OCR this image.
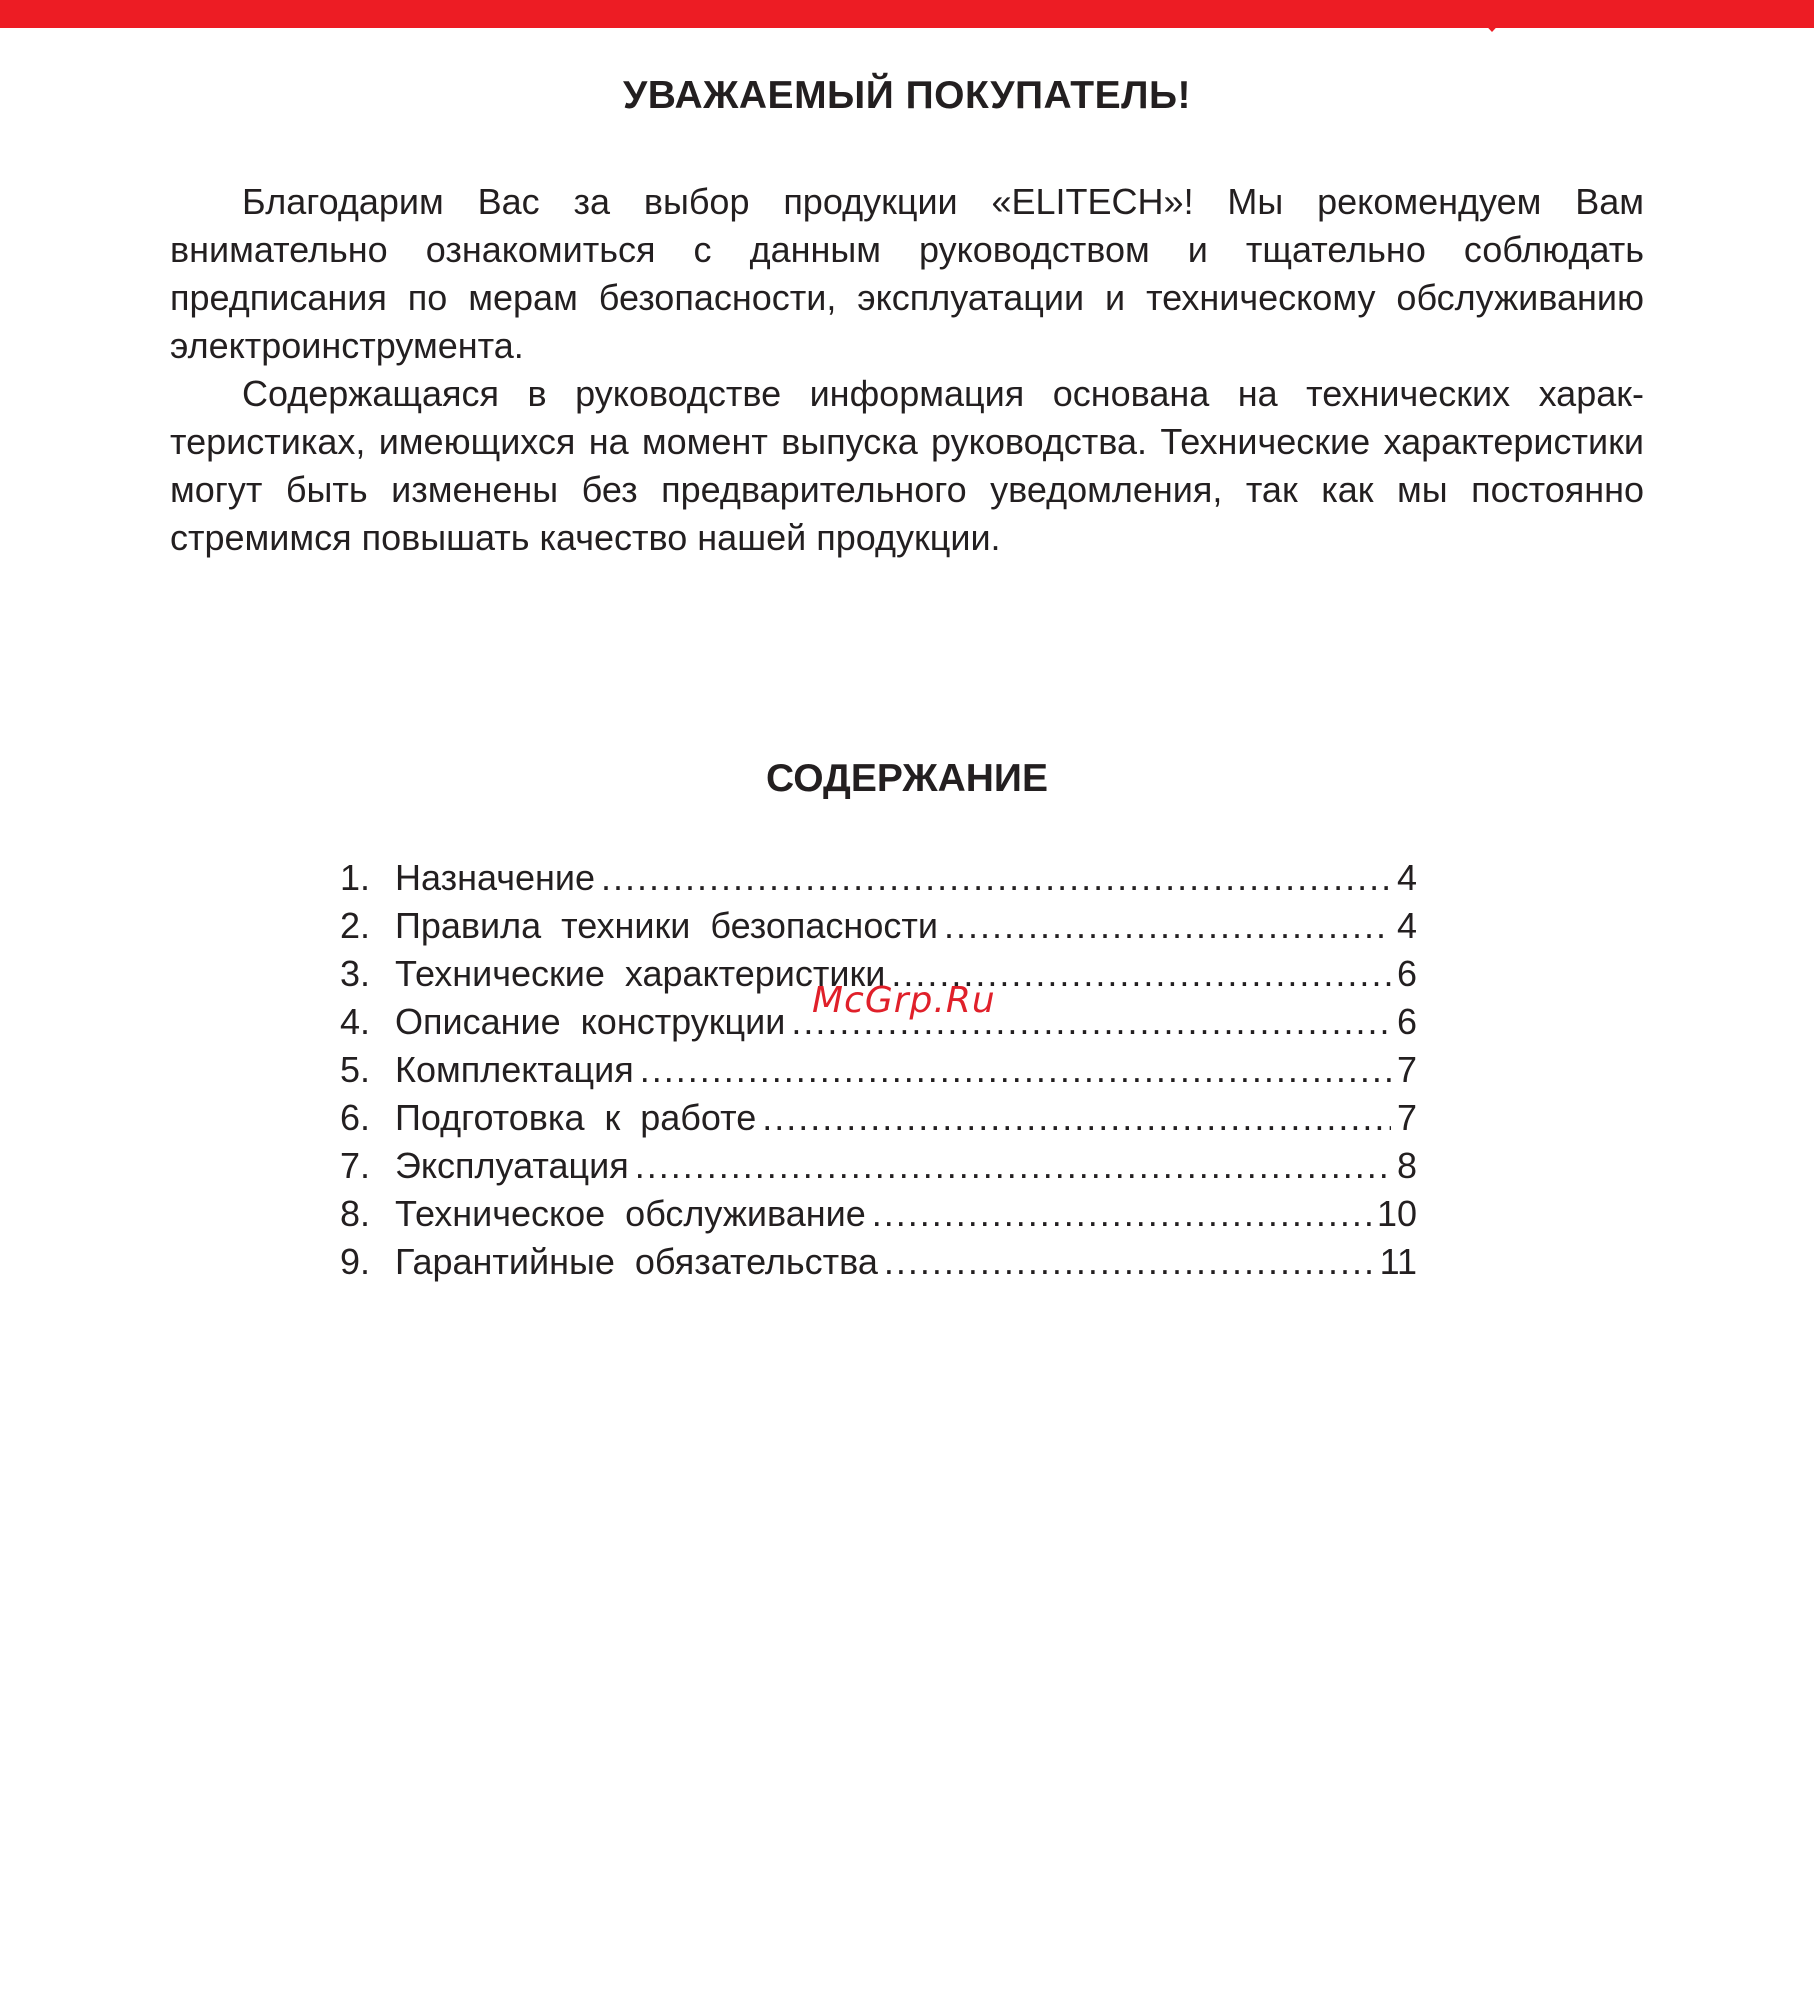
УВАЖАЕМЫЙ ПОКУПАТЕЛЬ!

Благодарим Вас за выбор продукции «ELITECH»! Мы рекомендуем Вам внимательно ознакомиться с данным руководством и тщательно соблюдать предписания по мерам безопасности, эксплуатации и техническому обслуживанию электроинструмента.

Содержащаяся в руководстве информация основана на технических характеристиках, имеющихся на момент выпуска руководства. Технические характеристики могут быть изменены без предварительного уведомления, так как мы постоянно стремимся повышать качество нашей продукции.

СОДЕРЖАНИЕ
1. Назначение .....	4
2. Правила техники безопасности .....	4
3. Технические характеристики .....	6
4. Описание конструкции .....	6
5. Комплектация .....	7
6. Подготовка к работе .....	7
7. Эксплуатация .....	8
8. Техническое обслуживание .....	10
9. Гарантийные обязательства .....	11
McGrp.Ru
